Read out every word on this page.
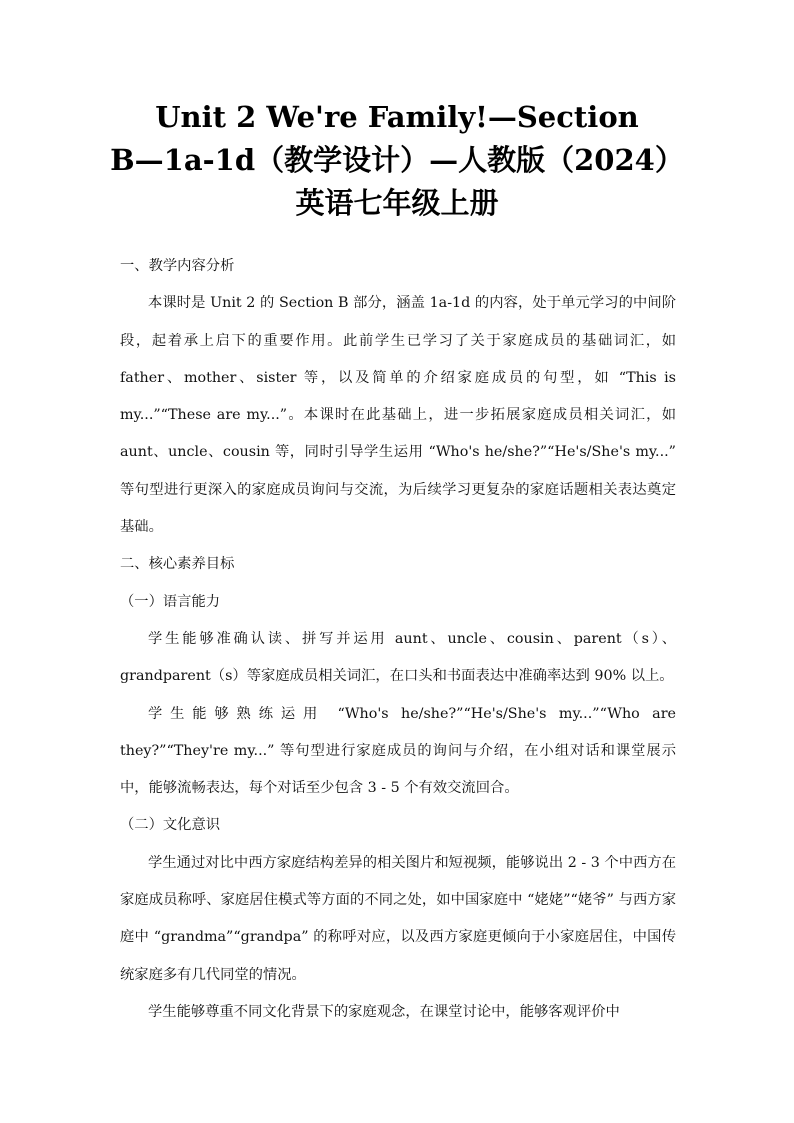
Unit 2 We're Family!—Section
B—1a-1d（教学设计）—人教版（2024）
英语七年级上册

一、教学内容分析

本课时是 Unit 2 的 Section B 部分，涵盖 1a-1d 的内容，处于单元学习的中间阶段，起着承上启下的重要作用。此前学生已学习了关于家庭成员的基础词汇，如 father、mother、sister 等，以及简单的介绍家庭成员的句型，如 “This is my...”“These are my...”。本课时在此基础上，进一步拓展家庭成员相关词汇，如 aunt、uncle、cousin 等，同时引导学生运用 “Who's he/she?”“He's/She's my...” 等句型进行更深入的家庭成员询问与交流，为后续学习更复杂的家庭话题相关表达奠定基础。

二、核心素养目标

（一）语言能力

学生能够准确认读、拼写并运用 aunt、uncle、cousin、parent（s）、grandparent（s）等家庭成员相关词汇，在口头和书面表达中准确率达到 90% 以上。

学生能够熟练运用 “Who's he/she?”“He's/She's my...”“Who are they?”“They're my...” 等句型进行家庭成员的询问与介绍，在小组对话和课堂展示中，能够流畅表达，每个对话至少包含 3 - 5 个有效交流回合。

（二）文化意识

学生通过对比中西方家庭结构差异的相关图片和短视频，能够说出 2 - 3 个中西方在家庭成员称呼、家庭居住模式等方面的不同之处，如中国家庭中 “姥姥”“姥爷” 与西方家庭中 “grandma”“grandpa” 的称呼对应，以及西方家庭更倾向于小家庭居住，中国传统家庭多有几代同堂的情况。

学生能够尊重不同文化背景下的家庭观念，在课堂讨论中，能够客观评价中
